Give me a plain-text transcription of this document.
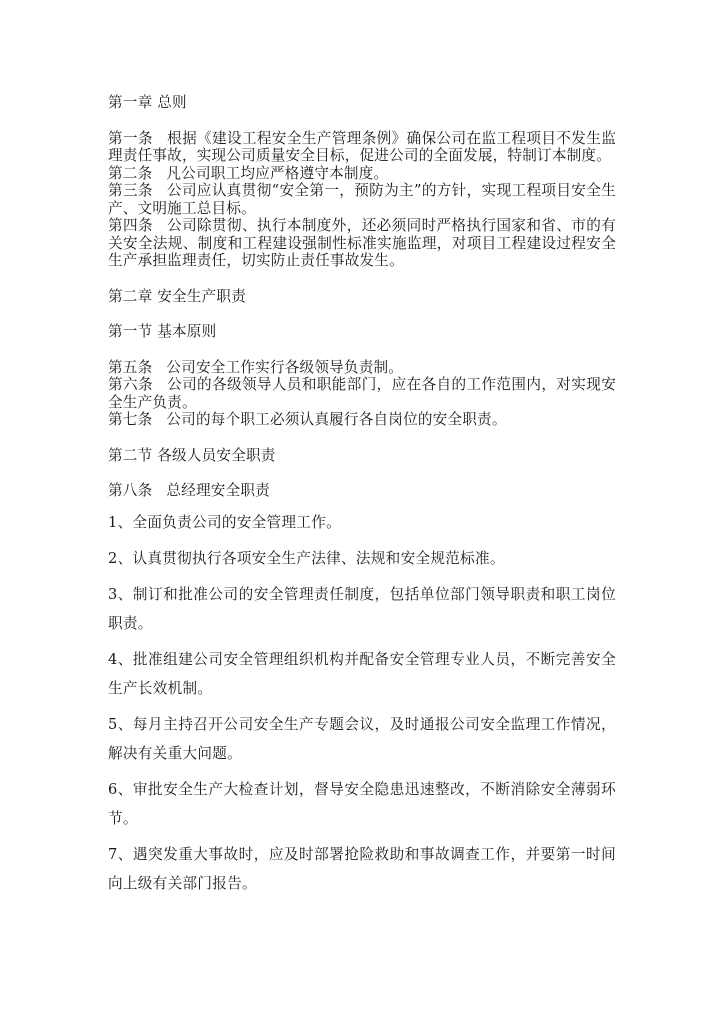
第一章 总则

第一条 根据《建设工程安全生产管理条例》确保公司在监工程项目不发生监理责任事故，实现公司质量安全目标，促进公司的全面发展，特制订本制度。

第二条 凡公司职工均应严格遵守本制度。

第三条 公司应认真贯彻“安全第一，预防为主”的方针，实现工程项目安全生产、文明施工总目标。

第四条 公司除贯彻、执行本制度外，还必须同时严格执行国家和省、市的有关安全法规、制度和工程建设强制性标准实施监理，对项目工程建设过程安全生产承担监理责任，切实防止责任事故发生。

第二章 安全生产职责

第一节 基本原则

第五条 公司安全工作实行各级领导负责制。

第六条 公司的各级领导人员和职能部门，应在各自的工作范围内，对实现安全生产负责。

第七条 公司的每个职工必须认真履行各自岗位的安全职责。

第二节 各级人员安全职责

第八条 总经理安全职责

1、全面负责公司的安全管理工作。

2、认真贯彻执行各项安全生产法律、法规和安全规范标准。

3、制订和批准公司的安全管理责任制度，包括单位部门领导职责和职工岗位职责。

4、批准组建公司安全管理组织机构并配备安全管理专业人员，不断完善安全生产长效机制。

5、每月主持召开公司安全生产专题会议，及时通报公司安全监理工作情况，解决有关重大问题。

6、审批安全生产大检查计划，督导安全隐患迅速整改，不断消除安全薄弱环节。

7、遇突发重大事故时，应及时部署抢险救助和事故调查工作，并要第一时间向上级有关部门报告。
